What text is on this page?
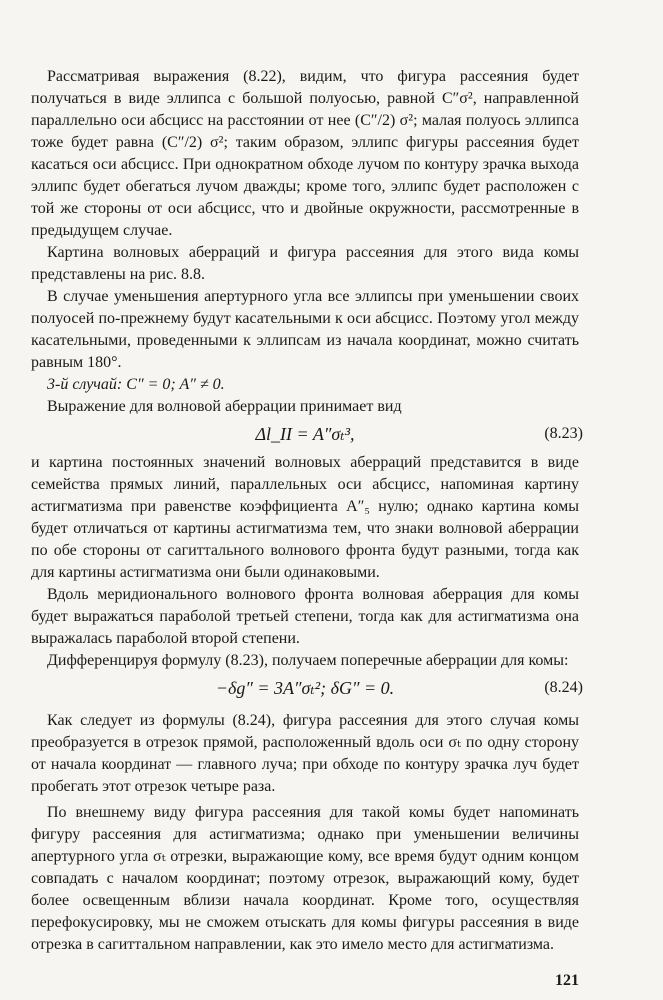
Рассматривая выражения (8.22), видим, что фигура рассеяния будет получаться в виде эллипса с большой полуосью, равной C″σ², направленной параллельно оси абсцисс на расстоянии от нее (C″/2) σ²; малая полуось эллипса тоже будет равна (C″/2) σ²; таким образом, эллипс фигуры рассеяния будет касаться оси абсцисс. При однократном обходе лучом по контуру зрачка выхода эллипс будет обегаться лучом дважды; кроме того, эллипс будет расположен с той же стороны от оси абсцисс, что и двойные окружности, рассмотренные в предыдущем случае.

Картина волновых аберраций и фигура рассеяния для этого вида комы представлены на рис. 8.8.

В случае уменьшения апертурного угла все эллипсы при уменьшении своих полуосей по-прежнему будут касательными к оси абсцисс. Поэтому угол между касательными, проведенными к эллипсам из начала координат, можно считать равным 180°.

3-й случай: C″ = 0; A″ ≠ 0.

Выражение для волновой аберрации принимает вид

Δl_II = A″σₜ³,	(8.23)

и картина постоянных значений волновых аберраций представится в виде семейства прямых линий, параллельных оси абсцисс, напоминая картину астигматизма при равенстве коэффициента A″₅ нулю; однако картина комы будет отличаться от картины астигматизма тем, что знаки волновой аберрации по обе стороны от сагиттального волнового фронта будут разными, тогда как для картины астигматизма они были одинаковыми.

Вдоль меридионального волнового фронта волновая аберрация для комы будет выражаться параболой третьей степени, тогда как для астигматизма она выражалась параболой второй степени.

Дифференцируя формулу (8.23), получаем поперечные аберрации для комы:

−δg″ = 3A″σₜ²; δG″ = 0.	(8.24)

Как следует из формулы (8.24), фигура рассеяния для этого случая комы преобразуется в отрезок прямой, расположенный вдоль оси σₜ по одну сторону от начала координат — главного луча; при обходе по контуру зрачка луч будет пробегать этот отрезок четыре раза.

По внешнему виду фигура рассеяния для такой комы будет напоминать фигуру рассеяния для астигматизма; однако при уменьшении величины апертурного угла σₜ отрезки, выражающие кому, все время будут одним концом совпадать с началом координат; поэтому отрезок, выражающий кому, будет более освещенным вблизи начала координат. Кроме того, осуществляя перефокусировку, мы не сможем отыскать для комы фигуры рассеяния в виде отрезка в сагиттальном направлении, как это имело место для астигматизма.

121
